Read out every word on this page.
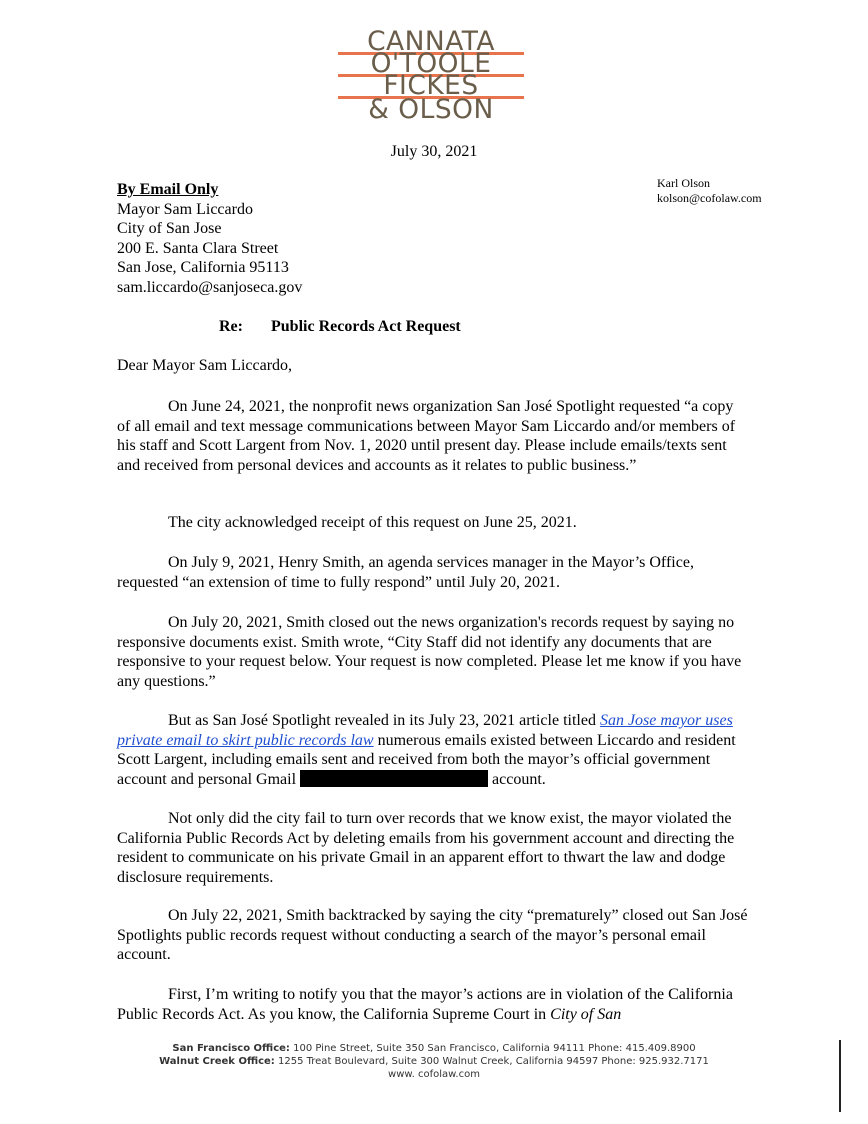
CANNATA
O'TOOLE
FICKES
& OLSON
July 30, 2021
Karl Olson
kolson@cofolaw.com
By Email Only
Mayor Sam Liccardo
City of San Jose
200 E. Santa Clara Street
San Jose, California 95113
sam.liccardo@sanjoseca.gov
Re: Public Records Act Request
Dear Mayor Sam Liccardo,

On June 24, 2021, the nonprofit news organization San José Spotlight requested “a copy of all email and text message communications between Mayor Sam Liccardo and/or members of his staff and Scott Largent from Nov. 1, 2020 until present day. Please include emails/texts sent and received from personal devices and accounts as it relates to public business.”

The city acknowledged receipt of this request on June 25, 2021.

On July 9, 2021, Henry Smith, an agenda services manager in the Mayor’s Office, requested “an extension of time to fully respond” until July 20, 2021.

On July 20, 2021, Smith closed out the news organization's records request by saying no responsive documents exist. Smith wrote, “City Staff did not identify any documents that are responsive to your request below. Your request is now completed. Please let me know if you have any questions.”

But as San José Spotlight revealed in its July 23, 2021 article titled San Jose mayor uses private email to skirt public records law numerous emails existed between Liccardo and resident Scott Largent, including emails sent and received from both the mayor’s official government account and personal Gmail	account.

Not only did the city fail to turn over records that we know exist, the mayor violated the California Public Records Act by deleting emails from his government account and directing the resident to communicate on his private Gmail in an apparent effort to thwart the law and dodge disclosure requirements.

On July 22, 2021, Smith backtracked by saying the city “prematurely” closed out San José Spotlights public records request without conducting a search of the mayor’s personal email account.

First, I’m writing to notify you that the mayor’s actions are in violation of the California Public Records Act. As you know, the California Supreme Court in City of San

San Francisco Office: 100 Pine Street, Suite 350 San Francisco, California 94111 Phone: 415.409.8900
Walnut Creek Office: 1255 Treat Boulevard, Suite 300 Walnut Creek, California 94597 Phone: 925.932.7171
www. cofolaw.com
